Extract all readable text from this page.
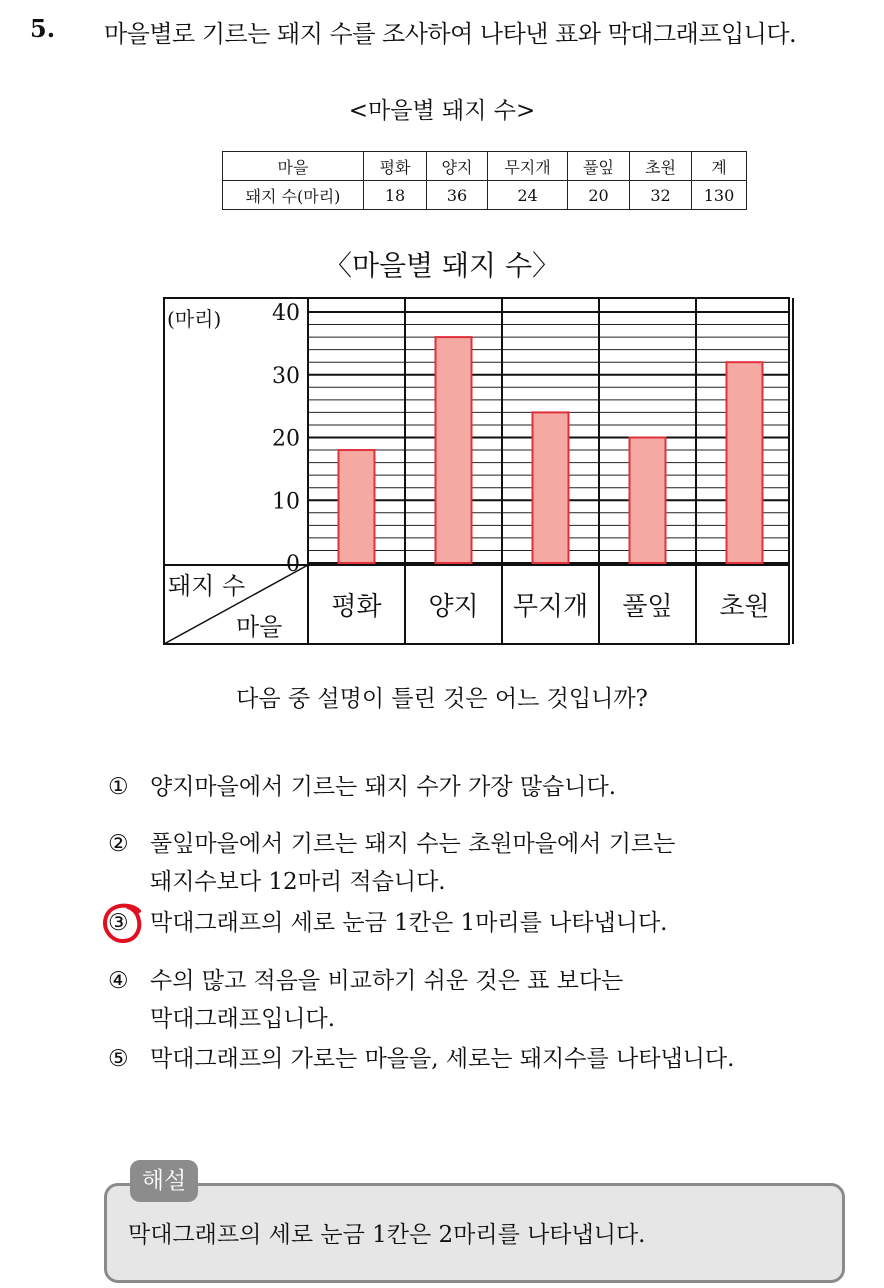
5. 마을별로 기르는 돼지 수를 조사하여 나타낸 표와 막대그래프입니다.
<마을별 돼지 수>
마을	평화	양지	무지개	풀잎	초원	계
돼지 수(마리)	18	36	24	20	32	130
〈마을별 돼지 수〉
(마리)
0
10
20
30
40
돼지 수
마을
평화 양지 무지개 풀잎 초원
다음 중 설명이 틀린 것은 어느 것입니까?
① 양지마을에서 기르는 돼지 수가 가장 많습니다.
② 풀잎마을에서 기르는 돼지 수는 초원마을에서 기르는
돼지수보다 12마리 적습니다.
③ 막대그래프의 세로 눈금 1칸은 1마리를 나타냅니다.
④ 수의 많고 적음을 비교하기 쉬운 것은 표 보다는
막대그래프입니다.
⑤ 막대그래프의 가로는 마을을, 세로는 돼지수를 나타냅니다.
해설
막대그래프의 세로 눈금 1칸은 2마리를 나타냅니다.
